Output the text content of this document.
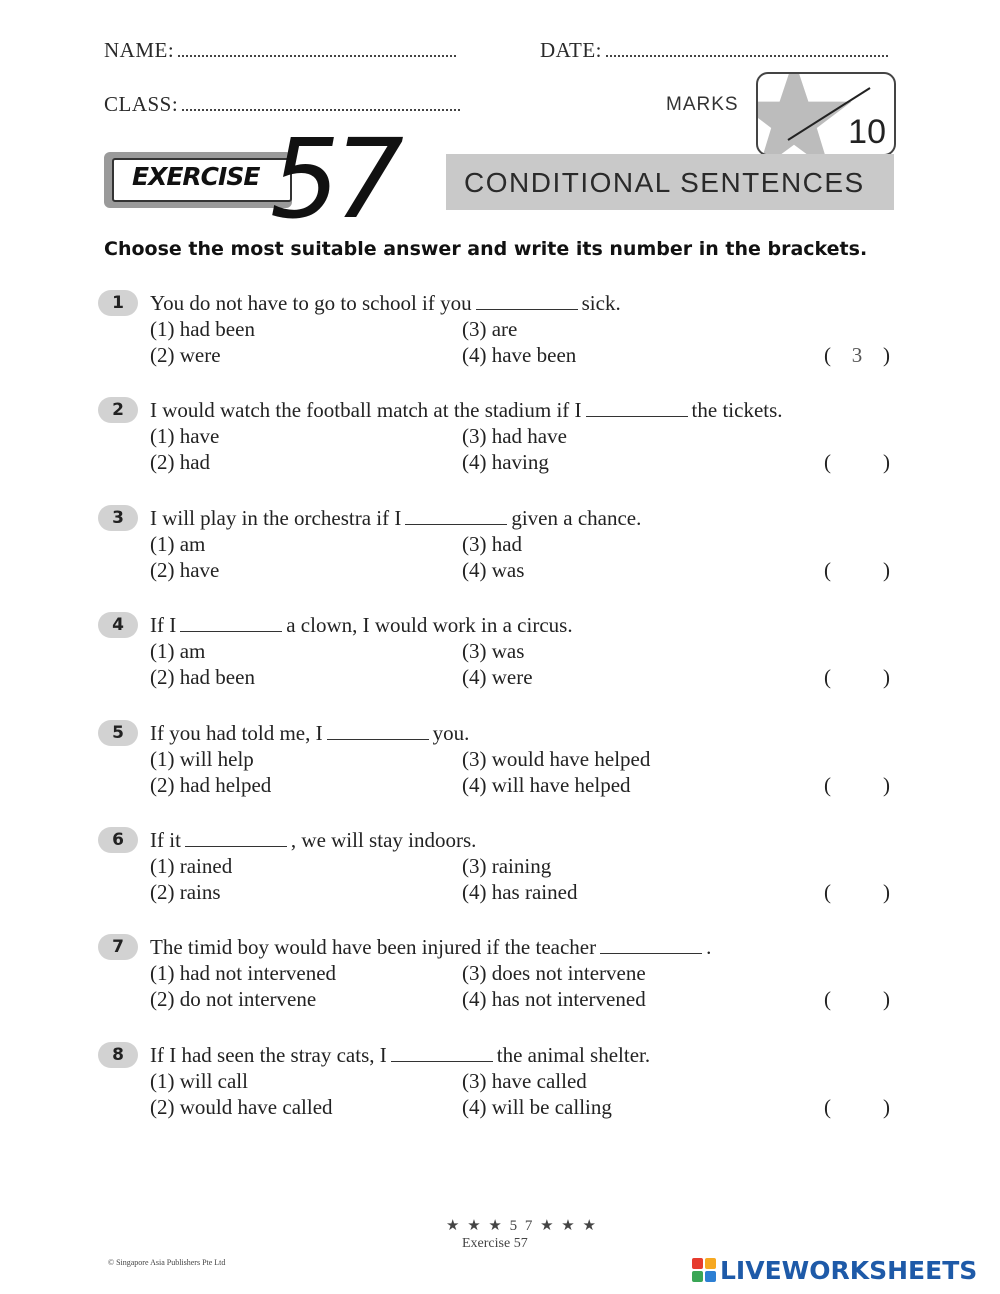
NAME:	DATE:
CLASS:	MARKS
10
EXERCISE 57 CONDITIONAL SENTENCES
Choose the most suitable answer and write its number in the brackets.
1	You do not have to go to school if you	sick.
(1) had been
(2) were
(3) are
(4) have been	( 3 )
2	I would watch the football match at the stadium if I	the tickets.
(1) have
(2) had
(3) had have
(4) having	( )
3	I will play in the orchestra if I	given a chance.
(1) am
(2) have
(3) had
(4) was	( )
4	If I	a clown, I would work in a circus.
(1) am
(2) had been
(3) was
(4) were	( )
5	If you had told me, I	you.
(1) will help
(2) had helped
(3) would have helped
(4) will have helped	( )
6	If it	, we will stay indoors.
(1) rained
(2) rains
(3) raining
(4) has rained	( )
7	The timid boy would have been injured if the teacher	.
(1) had not intervened
(2) do not intervene
(3) does not intervene
(4) has not intervened	( )
8	If I had seen the stray cats, I	the animal shelter.
(1) will call
(2) would have called
(3) have called
(4) will be calling	( )
★ ★ ★ 5 7 ★ ★ ★
Exercise 57
© Singapore Asia Publishers Pte Ltd	LIVEWORKSHEETS
